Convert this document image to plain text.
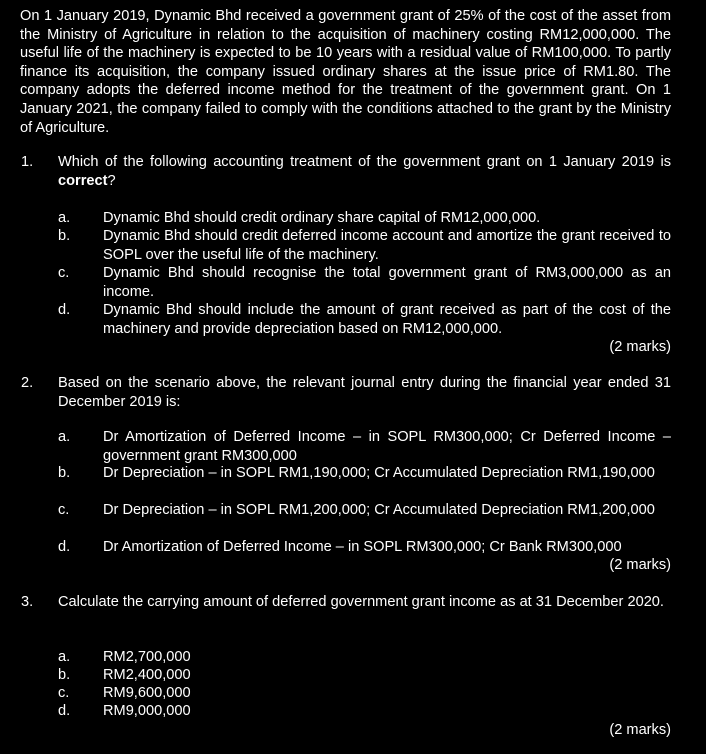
On 1 January 2019, Dynamic Bhd received a government grant of 25% of the cost of the asset from the Ministry of Agriculture in relation to the acquisition of machinery costing RM12,000,000. The useful life of the machinery is expected to be 10 years with a residual value of RM100,000. To partly finance its acquisition, the company issued ordinary shares at the issue price of RM1.80. The company adopts the deferred income method for the treatment of the government grant. On 1 January 2021, the company failed to comply with the conditions attached to the grant by the Ministry of Agriculture.
1. Which of the following accounting treatment of the government grant on 1 January 2019 is correct?
a. Dynamic Bhd should credit ordinary share capital of RM12,000,000.
b. Dynamic Bhd should credit deferred income account and amortize the grant received to SOPL over the useful life of the machinery.
c. Dynamic Bhd should recognise the total government grant of RM3,000,000 as an income.
d. Dynamic Bhd should include the amount of grant received as part of the cost of the machinery and provide depreciation based on RM12,000,000.
(2 marks)
2. Based on the scenario above, the relevant journal entry during the financial year ended 31 December 2019 is:
a. Dr Amortization of Deferred Income – in SOPL RM300,000; Cr Deferred Income – government grant RM300,000
b. Dr Depreciation – in SOPL RM1,190,000; Cr Accumulated Depreciation RM1,190,000
c. Dr Depreciation – in SOPL RM1,200,000; Cr Accumulated Depreciation RM1,200,000
d. Dr Amortization of Deferred Income – in SOPL RM300,000; Cr Bank RM300,000
(2 marks)
3. Calculate the carrying amount of deferred government grant income as at 31 December 2020.
a. RM2,700,000
b. RM2,400,000
c. RM9,600,000
d. RM9,000,000
(2 marks)
